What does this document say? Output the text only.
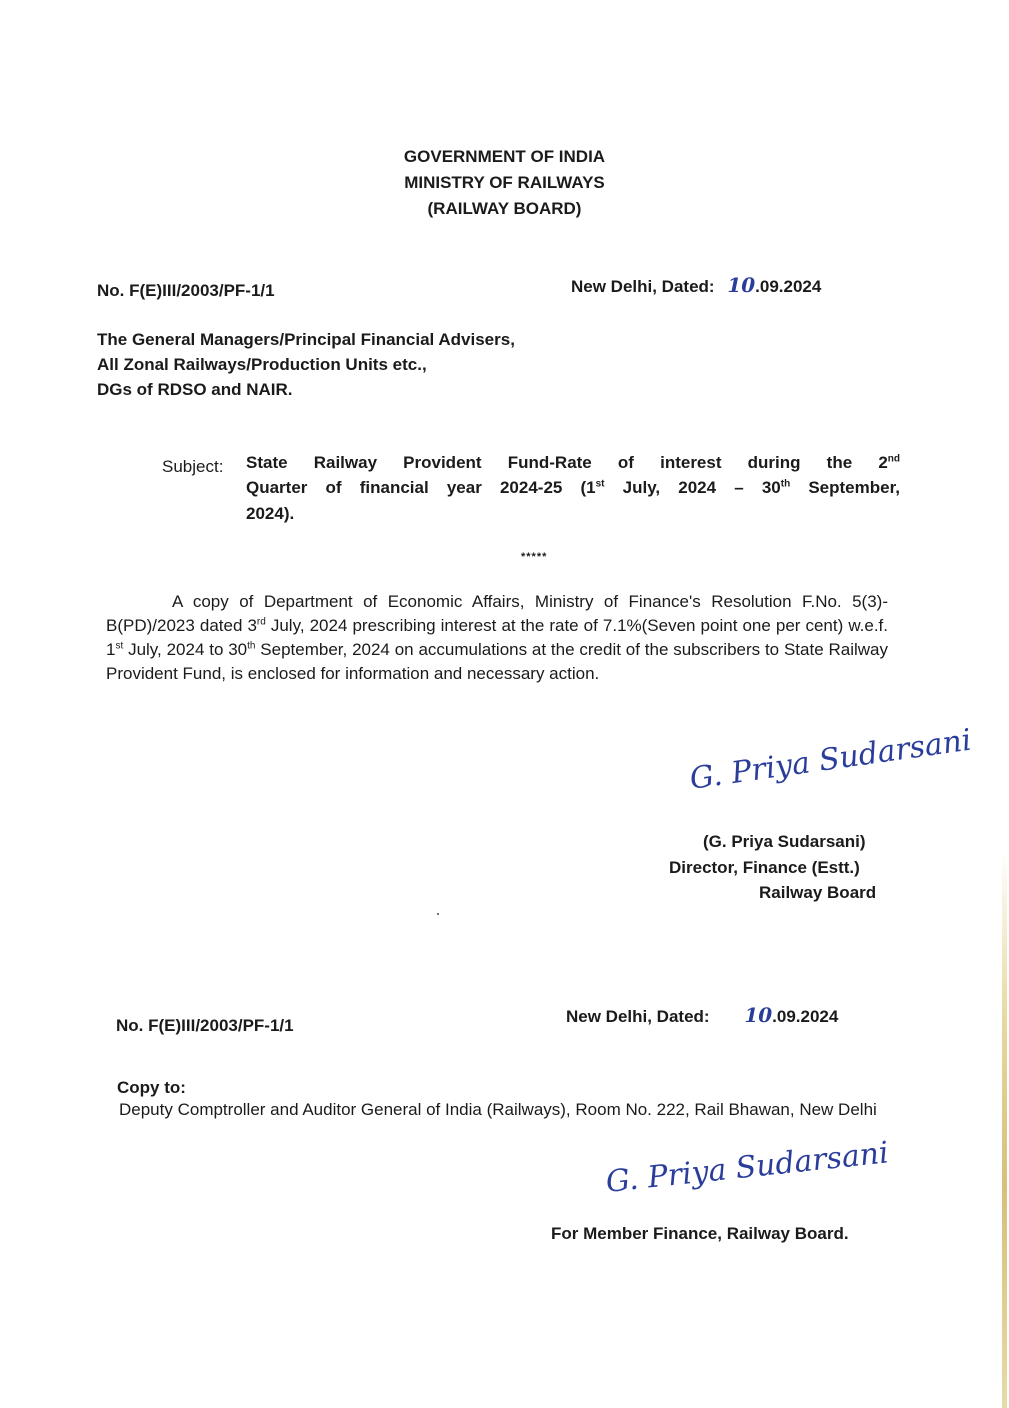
GOVERNMENT OF INDIA
MINISTRY OF RAILWAYS
(RAILWAY BOARD)
No. F(E)III/2003/PF-1/1	New Delhi, Dated: 10.09.2024
The General Managers/Principal Financial Advisers,
All Zonal Railways/Production Units etc.,
DGs of RDSO and NAIR.
Subject: State Railway Provident Fund-Rate of interest during the 2nd
Quarter of financial year 2024-25 (1st July, 2024 – 30th September,
2024).
*****
A copy of Department of Economic Affairs, Ministry of Finance's Resolution F.No. 5(3)-B(PD)/2023 dated 3rd July, 2024 prescribing interest at the rate of 7.1%(Seven point one per cent) w.e.f. 1st July, 2024 to 30th September, 2024 on accumulations at the credit of the subscribers to State Railway Provident Fund, is enclosed for information and necessary action.
G. Priya Sudarsani
(G. Priya Sudarsani)
Director, Finance (Estt.)
Railway Board
No. F(E)III/2003/PF-1/1	New Delhi, Dated: 10.09.2024
Copy to:
Deputy Comptroller and Auditor General of India (Railways), Room No. 222, Rail Bhawan, New Delhi
G. Priya Sudarsani
For Member Finance, Railway Board.
